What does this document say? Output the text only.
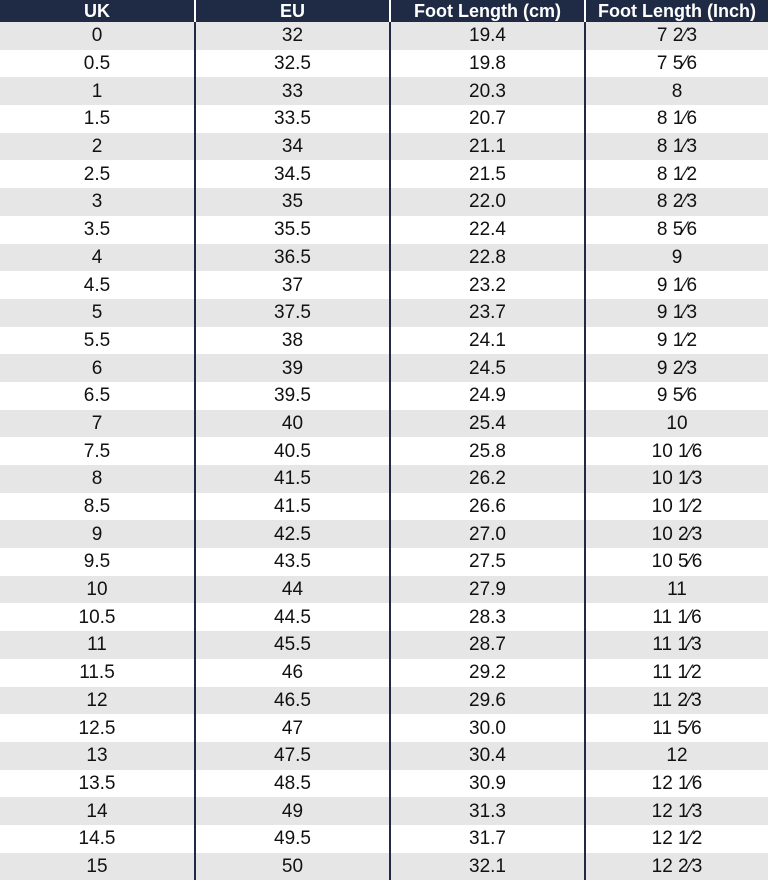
UK	EU	Foot Length (cm)	Foot Length (Inch)
0	32	19.4	7 2⁄3
0.5	32.5	19.8	7 5⁄6
1	33	20.3	8
1.5	33.5	20.7	8 1⁄6
2	34	21.1	8 1⁄3
2.5	34.5	21.5	8 1⁄2
3	35	22.0	8 2⁄3
3.5	35.5	22.4	8 5⁄6
4	36.5	22.8	9
4.5	37	23.2	9 1⁄6
5	37.5	23.7	9 1⁄3
5.5	38	24.1	9 1⁄2
6	39	24.5	9 2⁄3
6.5	39.5	24.9	9 5⁄6
7	40	25.4	10
7.5	40.5	25.8	10 1⁄6
8	41.5	26.2	10 1⁄3
8.5	41.5	26.6	10 1⁄2
9	42.5	27.0	10 2⁄3
9.5	43.5	27.5	10 5⁄6
10	44	27.9	11
10.5	44.5	28.3	11 1⁄6
11	45.5	28.7	11 1⁄3
11.5	46	29.2	11 1⁄2
12	46.5	29.6	11 2⁄3
12.5	47	30.0	11 5⁄6
13	47.5	30.4	12
13.5	48.5	30.9	12 1⁄6
14	49	31.3	12 1⁄3
14.5	49.5	31.7	12 1⁄2
15	50	32.1	12 2⁄3
